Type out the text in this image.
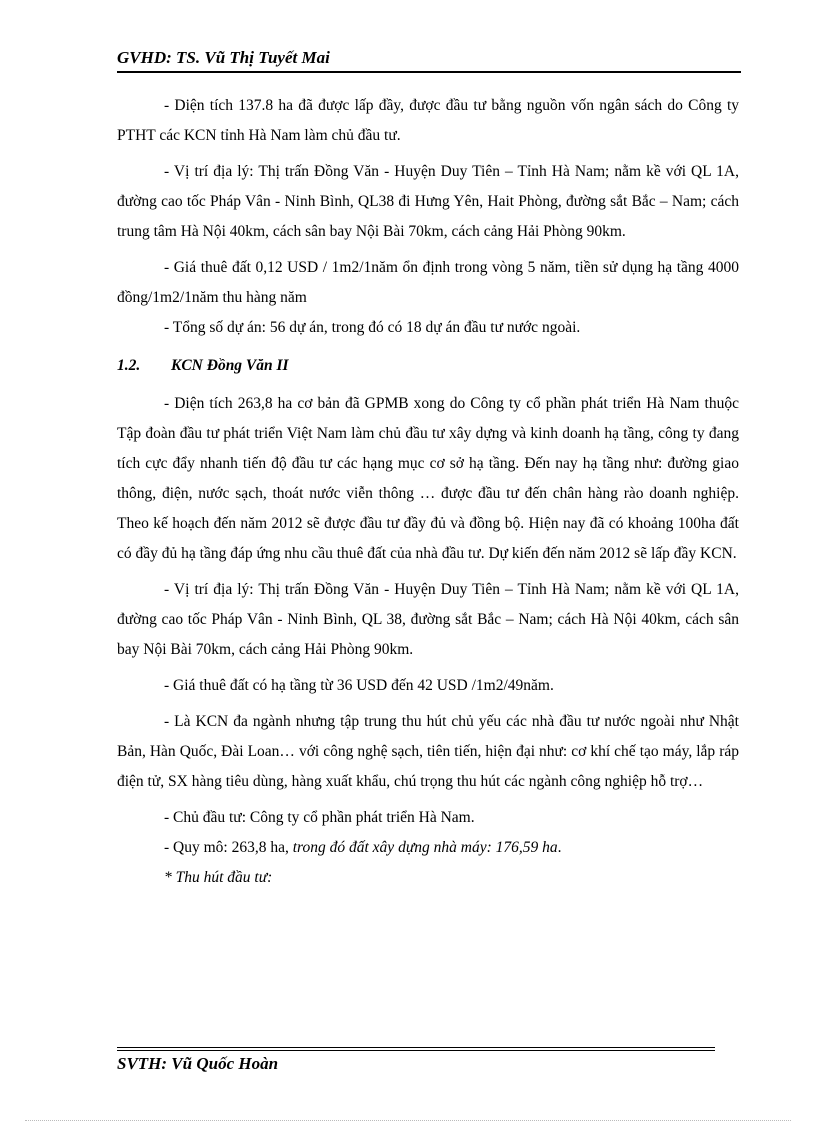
GVHD: TS. Vũ Thị Tuyết Mai

- Diện tích 137.8 ha đã được lấp đầy, được đầu tư bằng nguồn vốn ngân sách do Công ty PTHT các KCN tỉnh Hà Nam làm chủ đầu tư.

- Vị trí địa lý: Thị trấn Đồng Văn - Huyện Duy Tiên – Tỉnh Hà Nam; nằm kề với QL 1A, đường cao tốc Pháp Vân - Ninh Bình, QL38 đi Hưng Yên, Hait Phòng, đường sắt Bắc – Nam; cách trung tâm Hà Nội 40km, cách sân bay Nội Bài 70km, cách cảng Hải Phòng 90km.

- Giá thuê đất 0,12 USD / 1m2/1năm ổn định trong vòng 5 năm, tiền sử dụng hạ tầng 4000 đồng/1m2/1năm thu hàng năm

- Tổng số dự án: 56 dự án, trong đó có 18 dự án đầu tư nước ngoài.

1.2.	KCN Đồng Văn II

- Diện tích 263,8 ha cơ bản đã GPMB xong do Công ty cổ phần phát triển Hà Nam thuộc Tập đoàn đầu tư phát triển Việt Nam làm chủ đầu tư xây dựng và kinh doanh hạ tầng, công ty đang tích cực đẩy nhanh tiến độ đầu tư các hạng mục cơ sở hạ tầng. Đến nay hạ tầng như: đường giao thông, điện, nước sạch, thoát nước viễn thông … được đầu tư đến chân hàng rào doanh nghiệp. Theo kế hoạch đến năm 2012 sẽ được đầu tư đầy đủ và đồng bộ. Hiện nay đã có khoảng 100ha đất có đầy đủ hạ tầng đáp ứng nhu cầu thuê đất của nhà đầu tư. Dự kiến đến năm 2012 sẽ lấp đầy KCN.

- Vị trí địa lý: Thị trấn Đồng Văn - Huyện Duy Tiên – Tỉnh Hà Nam; nằm kề với QL 1A, đường cao tốc Pháp Vân - Ninh Bình, QL 38, đường sắt Bắc – Nam; cách Hà Nội 40km, cách sân bay Nội Bài 70km, cách cảng Hải Phòng 90km.

- Giá thuê đất có hạ tầng từ 36 USD đến 42 USD /1m2/49năm.

- Là KCN đa ngành nhưng tập trung thu hút chủ yếu các nhà đầu tư nước ngoài như Nhật Bản, Hàn Quốc, Đài Loan… với công nghệ sạch, tiên tiến, hiện đại như: cơ khí chế tạo máy, lắp ráp điện tử, SX hàng tiêu dùng, hàng xuất khẩu, chú trọng thu hút các ngành công nghiệp hỗ trợ…

- Chủ đầu tư: Công ty cổ phần phát triển Hà Nam.

- Quy mô: 263,8 ha, trong đó đất xây dựng nhà máy: 176,59 ha.

* Thu hút đầu tư:

SVTH: Vũ Quốc Hoàn
